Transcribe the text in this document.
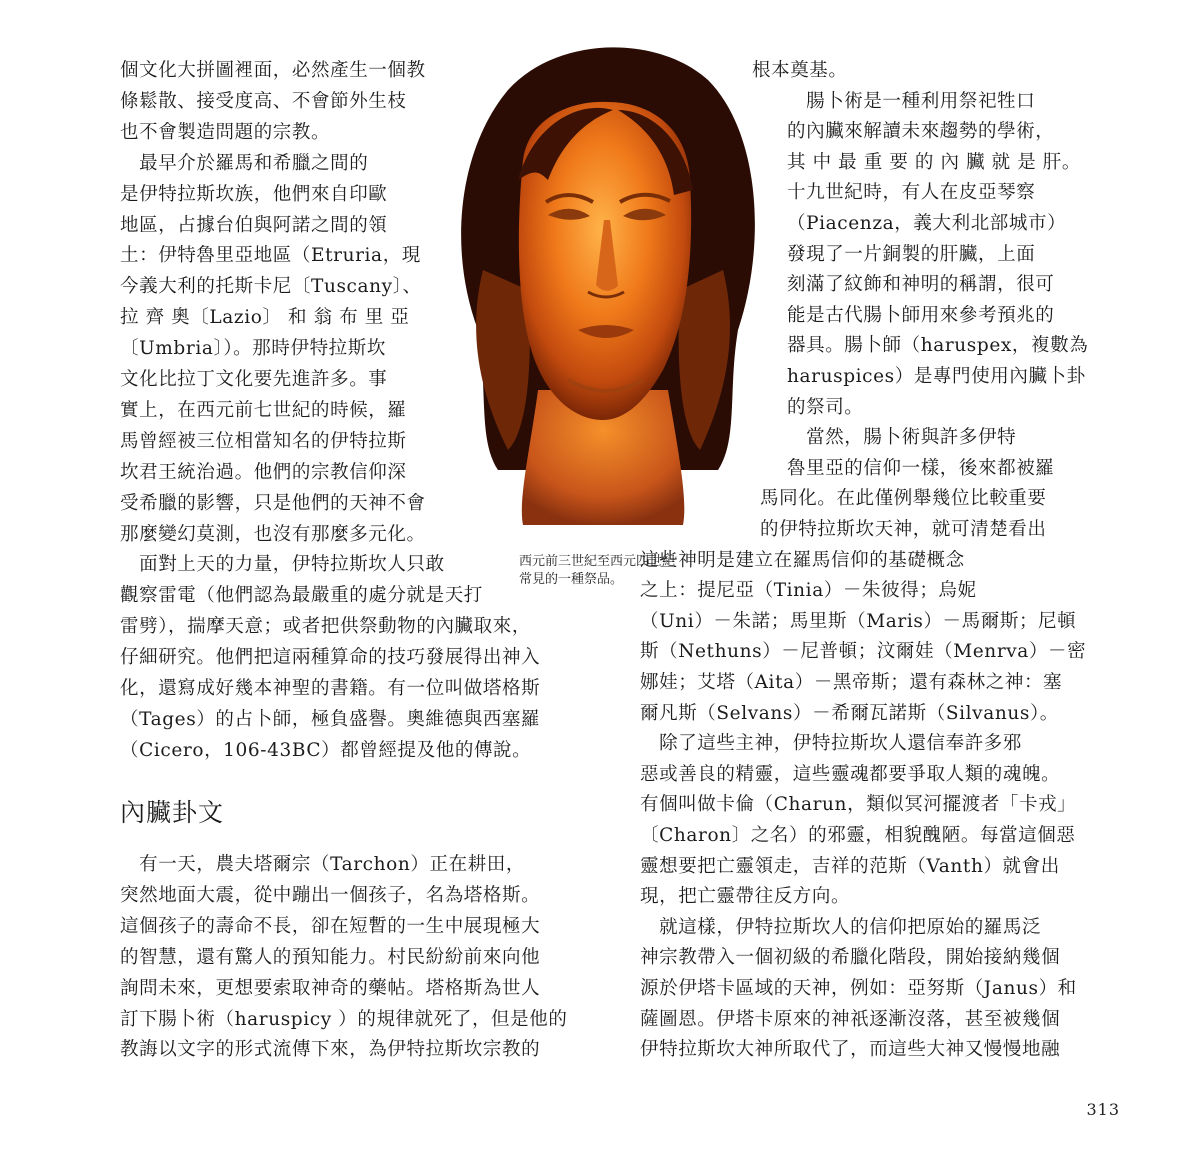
個文化大拼圖裡面，必然產生一個教
條鬆散、接受度高、不會節外生枝
也不會製造問題的宗教。
　最早介於羅馬和希臘之間的
是伊特拉斯坎族，他們來自印歐
地區，占據台伯與阿諾之間的領
土：伊特魯里亞地區（Etruria，現
今義大利的托斯卡尼〔Tuscany〕、
拉 齊 奧〔Lazio〕 和 翁 布 里 亞
〔Umbria〕）。那時伊特拉斯坎
文化比拉丁文化要先進許多。事
實上，在西元前七世紀的時候，羅
馬曾經被三位相當知名的伊特拉斯
坎君王統治過。他們的宗教信仰深
受希臘的影響，只是他們的天神不會
那麼變幻莫測，也沒有那麼多元化。
　面對上天的力量，伊特拉斯坎人只敢
觀察雷電（他們認為最嚴重的處分就是天打
雷劈），揣摩天意；或者把供祭動物的內臟取來，
仔細研究。他們把這兩種算命的技巧發展得出神入
化，還寫成好幾本神聖的書籍。有一位叫做塔格斯
（Tages）的占卜師，極負盛譽。奧維德與西塞羅
（Cicero，106-43BC）都曾經提及他的傳說。
內臟卦文
　有一天，農夫塔爾宗（Tarchon）正在耕田，
突然地面大震，從中蹦出一個孩子，名為塔格斯。
這個孩子的壽命不長，卻在短暫的一生中展現極大
的智慧，還有驚人的預知能力。村民紛紛前來向他
詢問未來，更想要索取神奇的藥帖。塔格斯為世人
訂下腸卜術（haruspicy ）的規律就死了，但是他的
教誨以文字的形式流傳下來，為伊特拉斯坎宗教的
根本奠基。
　腸卜術是一種利用祭祀牲口
的內臟來解讀未來趨勢的學術，
其 中 最 重 要 的 內 臟 就 是 肝。
十九世紀時，有人在皮亞琴察
（Piacenza，義大利北部城市）
發現了一片銅製的肝臟，上面
刻滿了紋飾和神明的稱謂，很可
能是古代腸卜師用來參考預兆的
器具。腸卜師（haruspex，複數為
haruspices）是專門使用內臟卜卦
的祭司。
　當然，腸卜術與許多伊特
魯里亞的信仰一樣，後來都被羅
馬同化。在此僅例舉幾位比較重要
的伊特拉斯坎天神，就可清楚看出
這些神明是建立在羅馬信仰的基礎概念
之上：提尼亞（Tinia）－朱彼得；烏妮
（Uni）－朱諾；馬里斯（Maris）－馬爾斯；尼頓
斯（Nethuns）－尼普頓；汶爾娃（Menrva）－密
娜娃；艾塔（Aita）－黑帝斯；還有森林之神：塞
爾凡斯（Selvans）－希爾瓦諾斯（Silvanus）。
　除了這些主神，伊特拉斯坎人還信奉許多邪
惡或善良的精靈，這些靈魂都要爭取人類的魂魄。
有個叫做卡倫（Charun，類似冥河擺渡者「卡戎」
〔Charon〕之名）的邪靈，相貌醜陋。每當這個惡
靈想要把亡靈領走，吉祥的范斯（Vanth）就會出
現，把亡靈帶往反方向。
　就這樣，伊特拉斯坎人的信仰把原始的羅馬泛
神宗教帶入一個初級的希臘化階段，開始接納幾個
源於伊塔卡區域的天神，例如：亞努斯（Janus）和
薩圖恩。伊塔卡原來的神祇逐漸沒落，甚至被幾個
伊特拉斯坎大神所取代了，而這些大神又慢慢地融
西元前三世紀至西元四世紀
常見的一種祭品。
313
